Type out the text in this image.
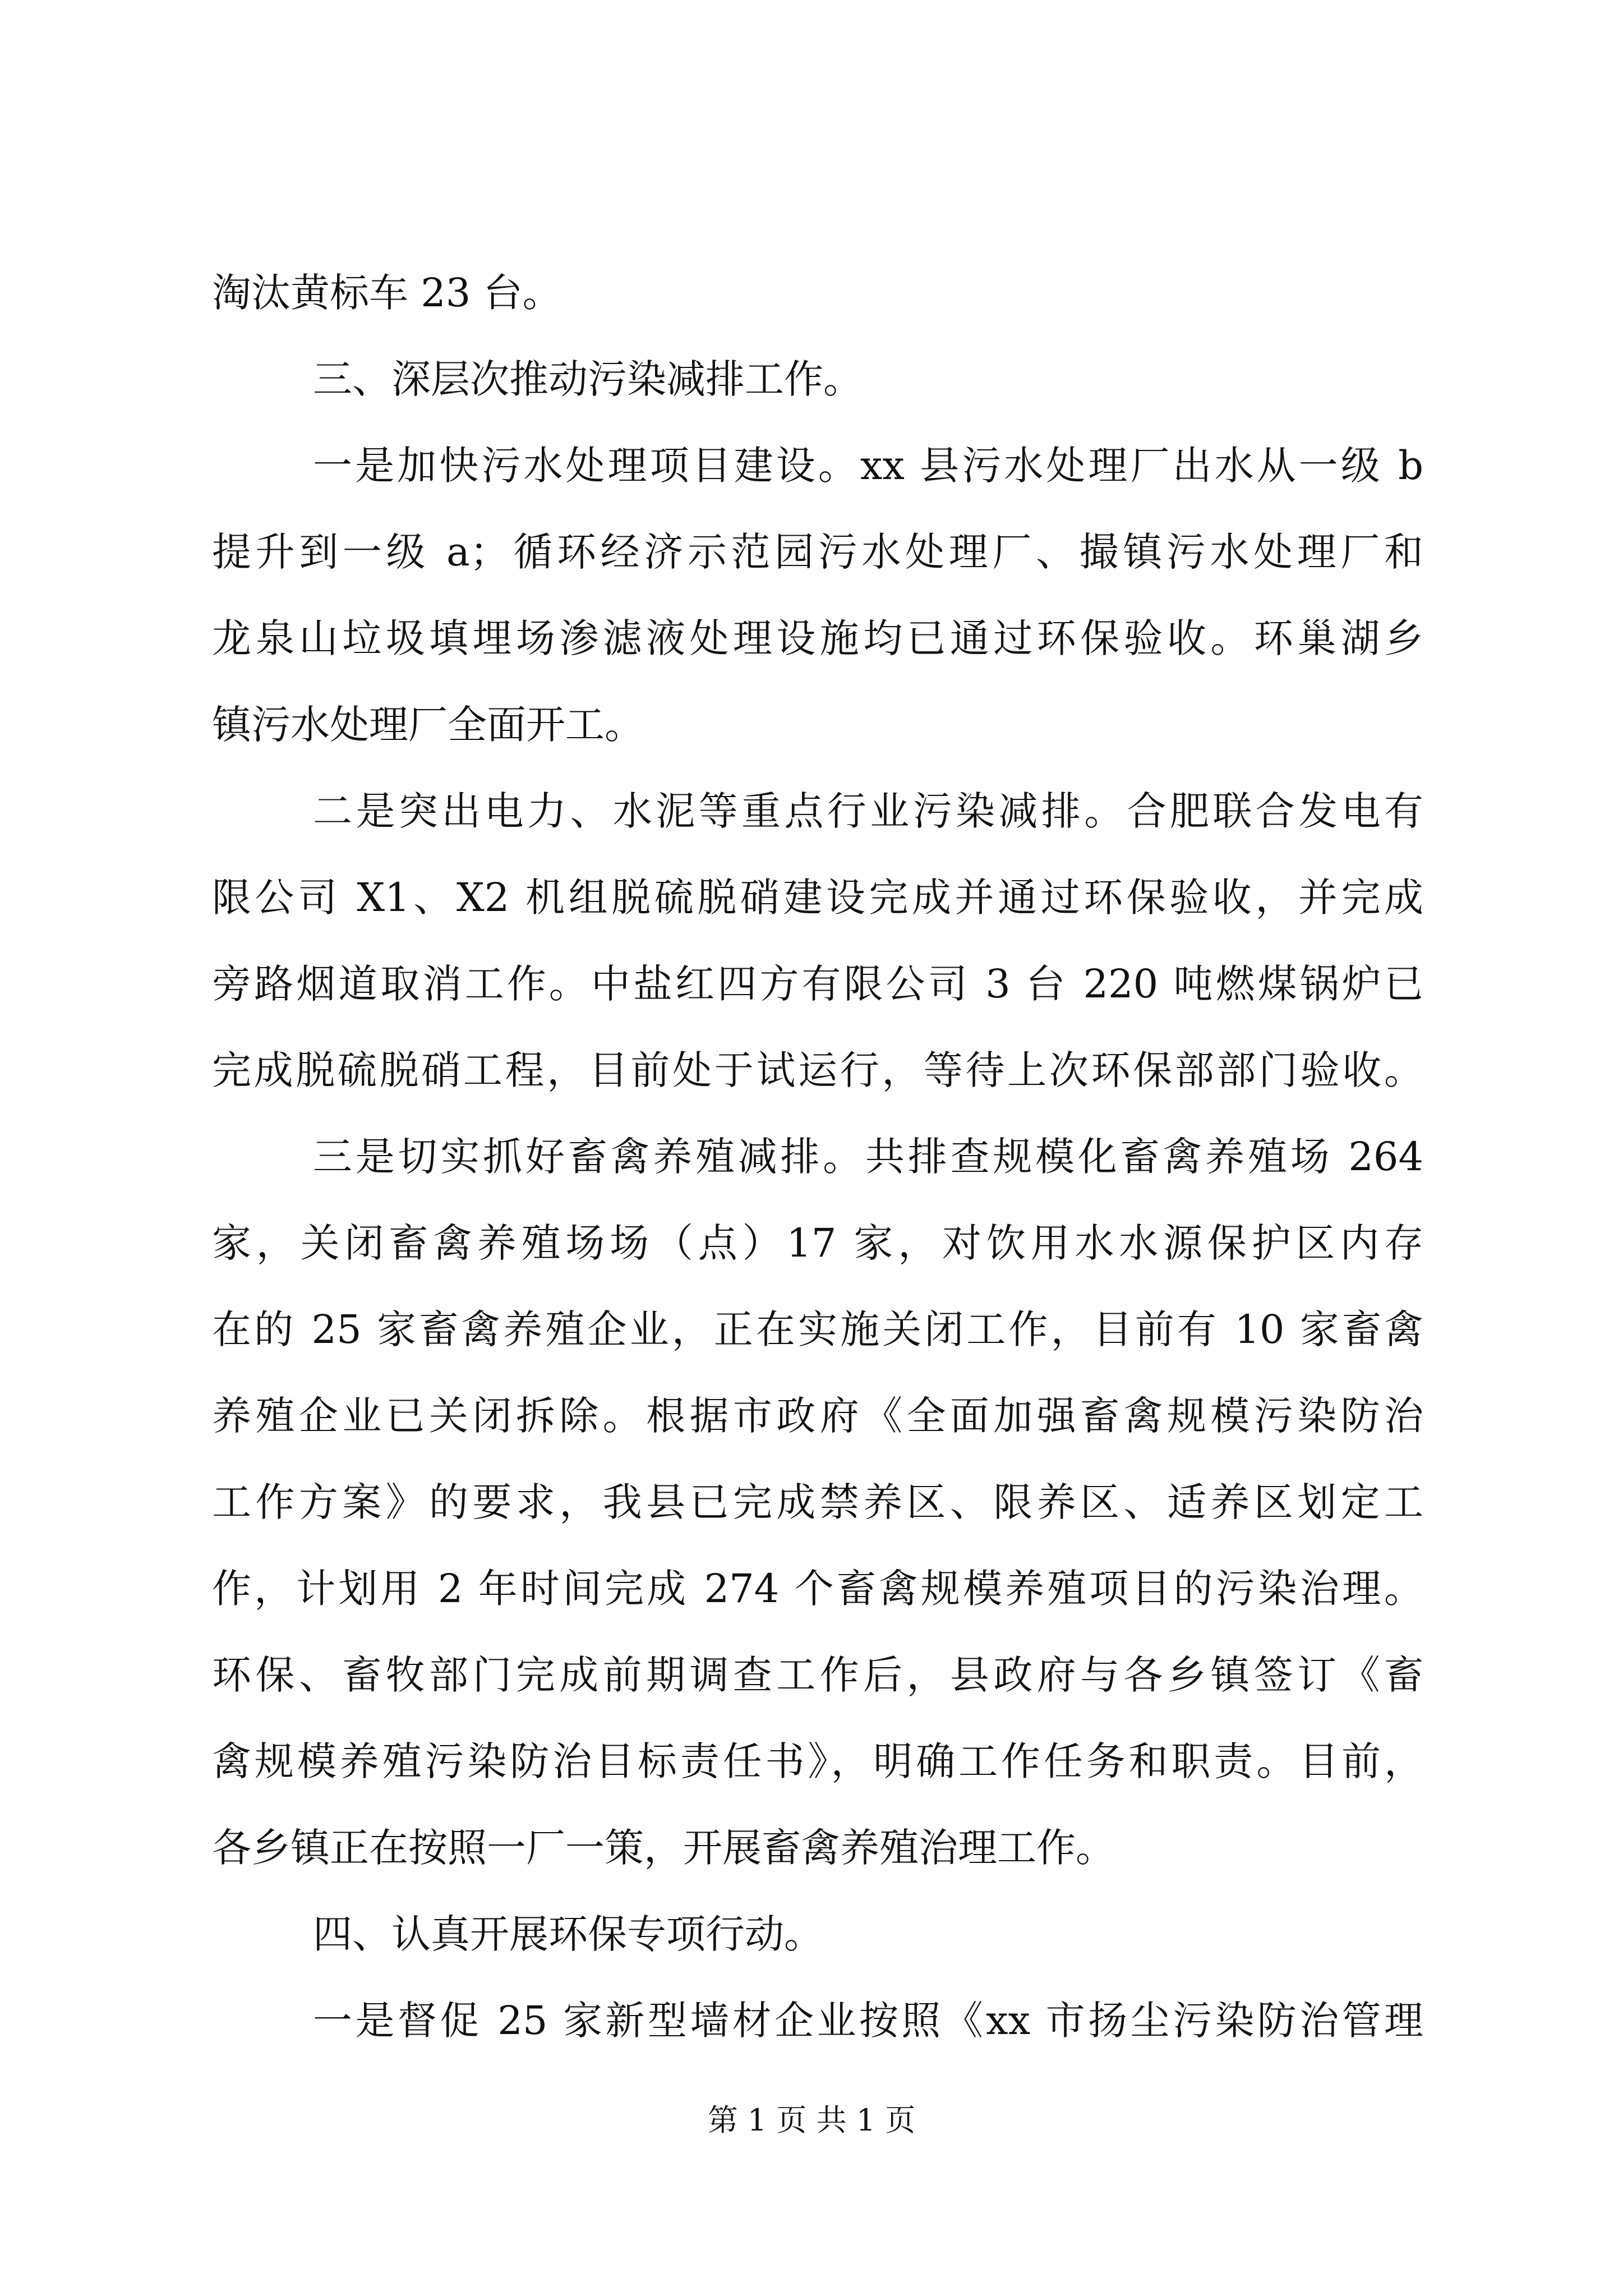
淘汰黄标车 23 台。
三、深层次推动污染减排工作。
一是加快污水处理项目建设。xx 县污水处理厂出水从一级 b
提升到一级 a；循环经济示范园污水处理厂、撮镇污水处理厂和
龙泉山垃圾填埋场渗滤液处理设施均已通过环保验收。环巢湖乡
镇污水处理厂全面开工。
二是突出电力、水泥等重点行业污染减排。合肥联合发电有
限公司 X1、X2 机组脱硫脱硝建设完成并通过环保验收，并完成
旁路烟道取消工作。中盐红四方有限公司 3 台 220 吨燃煤锅炉已
完成脱硫脱硝工程，目前处于试运行，等待上次环保部部门验收。
三是切实抓好畜禽养殖减排。共排查规模化畜禽养殖场 264
家，关闭畜禽养殖场场（点）17 家，对饮用水水源保护区内存
在的 25 家畜禽养殖企业，正在实施关闭工作，目前有 10 家畜禽
养殖企业已关闭拆除。根据市政府《全面加强畜禽规模污染防治
工作方案》的要求，我县已完成禁养区、限养区、适养区划定工
作，计划用 2 年时间完成 274 个畜禽规模养殖项目的污染治理。
环保、畜牧部门完成前期调查工作后，县政府与各乡镇签订《畜
禽规模养殖污染防治目标责任书》，明确工作任务和职责。目前，
各乡镇正在按照一厂一策，开展畜禽养殖治理工作。
四、认真开展环保专项行动。
一是督促 25 家新型墙材企业按照《xx 市扬尘污染防治管理
第 1 页 共 1 页
